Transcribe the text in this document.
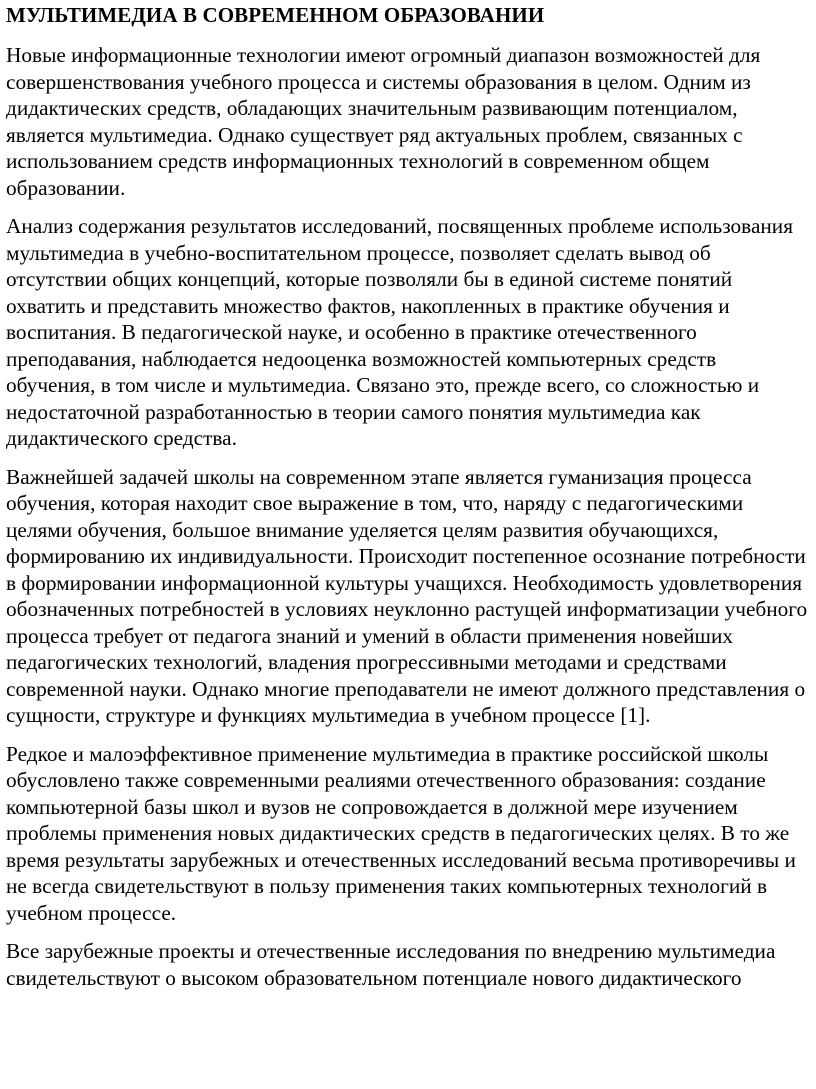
МУЛЬТИМЕДИА В СОВРЕМЕННОМ ОБРАЗОВАНИИ

Новые информационные технологии имеют огромный диапазон возможностей для
совершенствования учебного процесса и системы образования в целом. Одним из
дидактических средств, обладающих значительным развивающим потенциалом,
является мультимедиа. Однако существует ряд актуальных проблем, связанных с
использованием средств информационных технологий в современном общем
образовании.

Анализ содержания результатов исследований, посвященных проблеме использования
мультимедиа в учебно-воспитательном процессе, позволяет сделать вывод об
отсутствии общих концепций, которые позволяли бы в единой системе понятий
охватить и представить множество фактов, накопленных в практике обучения и
воспитания. В педагогической науке, и особенно в практике отечественного
преподавания, наблюдается недооценка возможностей компьютерных средств
обучения, в том числе и мультимедиа. Связано это, прежде всего, со сложностью и
недостаточной разработанностью в теории самого понятия мультимедиа как
дидактического средства.

Важнейшей задачей школы на современном этапе является гуманизация процесса
обучения, которая находит свое выражение в том, что, наряду с педагогическими
целями обучения, большое внимание уделяется целям развития обучающихся,
формированию их индивидуальности. Происходит постепенное осознание потребности
в формировании информационной культуры учащихся. Необходимость удовлетворения
обозначенных потребностей в условиях неуклонно растущей информатизации учебного
процесса требует от педагога знаний и умений в области применения новейших
педагогических технологий, владения прогрессивными методами и средствами
современной науки. Однако многие преподаватели не имеют должного представления о
сущности, структуре и функциях мультимедиа в учебном процессе [1].

Редкое и малоэффективное применение мультимедиа в практике российской школы
обусловлено также современными реалиями отечественного образования: создание
компьютерной базы школ и вузов не сопровождается в должной мере изучением
проблемы применения новых дидактических средств в педагогических целях. В то же
время результаты зарубежных и отечественных исследований весьма противоречивы и
не всегда свидетельствуют в пользу применения таких компьютерных технологий в
учебном процессе.

Все зарубежные проекты и отечественные исследования по внедрению мультимедиа
свидетельствуют о высоком образовательном потенциале нового дидактического
